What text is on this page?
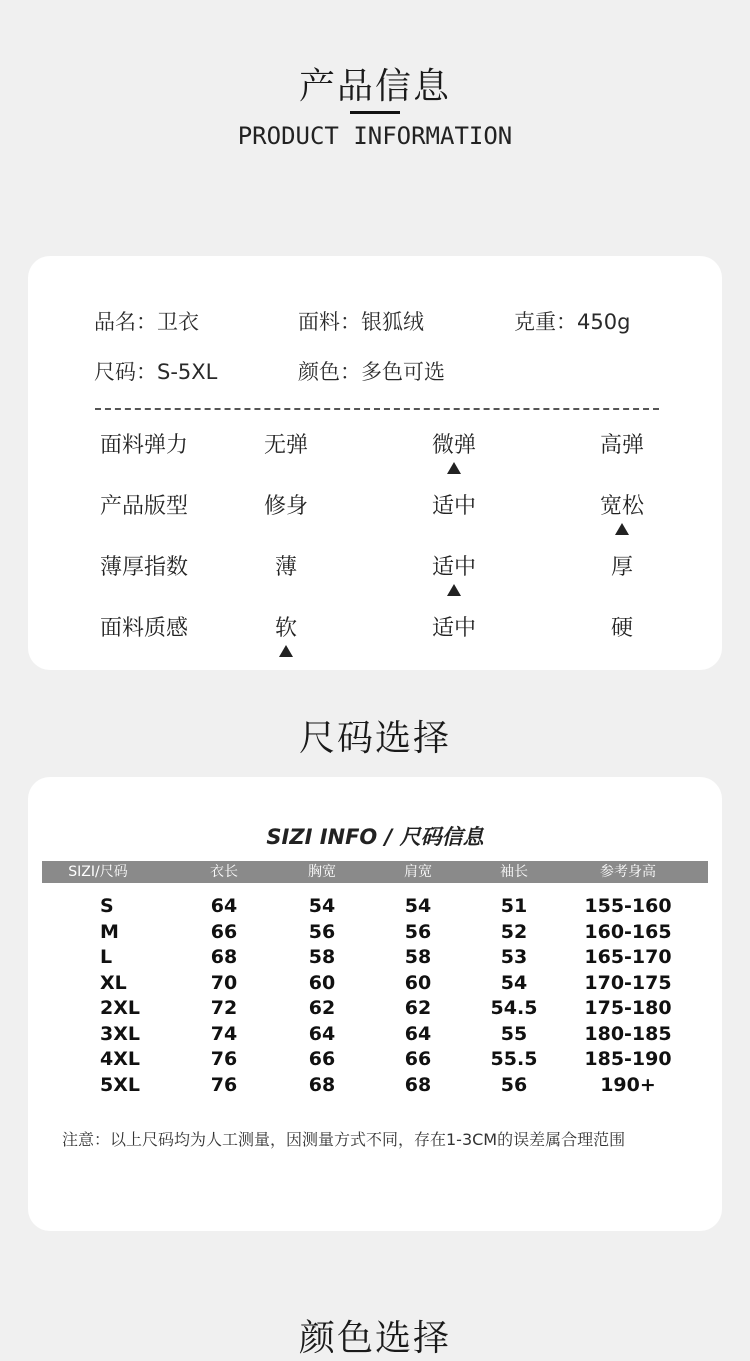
产品信息
PRODUCT INFORMATION
品名：卫衣	面料：银狐绒	克重：450g
尺码：S-5XL	颜色：多色可选
面料弹力	无弹	微弹	高弹
产品版型	修身	适中	宽松
薄厚指数	薄	适中	厚
面料质感	软	适中	硬
尺码选择
SIZI INFO / 尺码信息
SIZI/尺码	衣长	胸宽	肩宽	袖长	参考身高
注意：以上尺码均为人工测量，因测量方式不同，存在1-3CM的误差属合理范围
S	64	54	54	51	155-160
M	66	56	56	52	160-165
L	68	58	58	53	165-170
XL	70	60	60	54	170-175
2XL	72	62	62	54.5	175-180
3XL	74	64	64	55	180-185
4XL	76	66	66	55.5	185-190
5XL	76	68	68	56	190+
颜色选择
